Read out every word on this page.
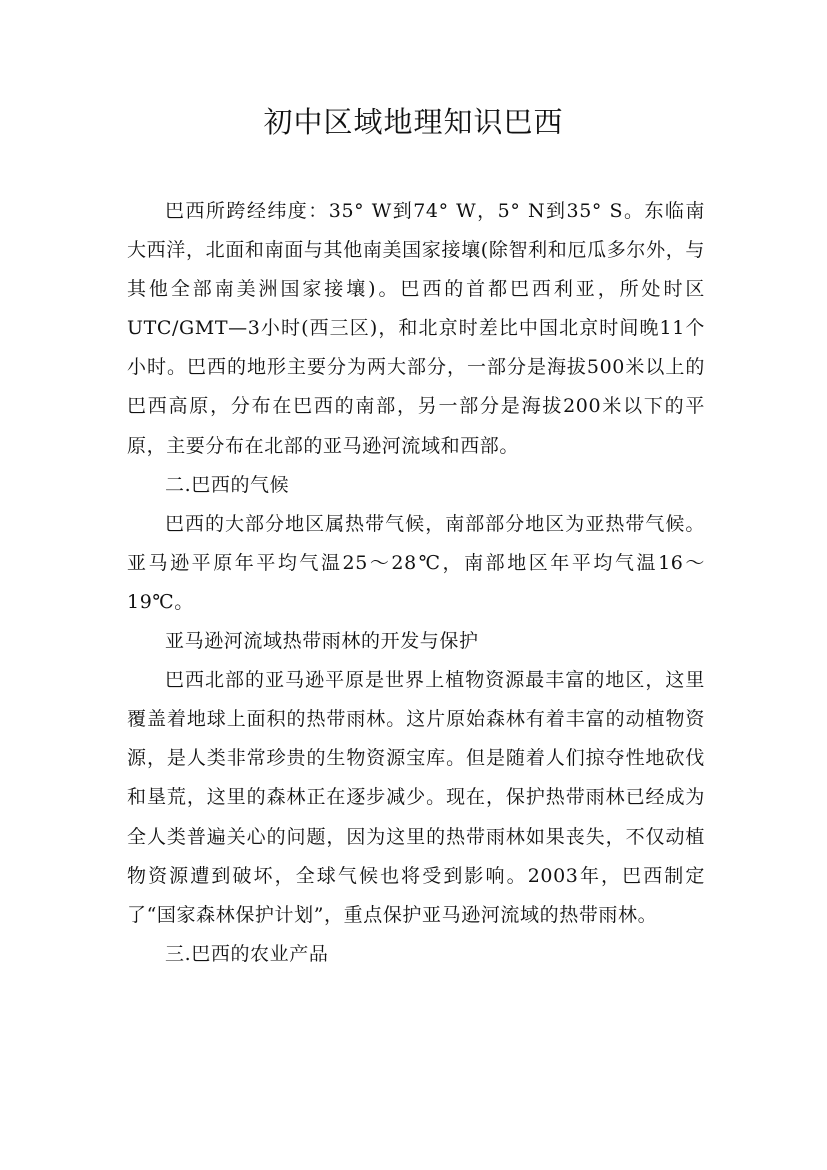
初中区域地理知识巴西

巴西所跨经纬度：35° W到74° W，5° N到35° S。东临南大西洋，北面和南面与其他南美国家接壤(除智利和厄瓜多尔外，与其他全部南美洲国家接壤)。巴西的首都巴西利亚，所处时区UTC/GMT—3小时(西三区)，和北京时差比中国北京时间晚11个小时。巴西的地形主要分为两大部分，一部分是海拔500米以上的巴西高原，分布在巴西的南部，另一部分是海拔200米以下的平原，主要分布在北部的亚马逊河流域和西部。

二.巴西的气候

巴西的大部分地区属热带气候，南部部分地区为亚热带气候。亚马逊平原年平均气温25～28℃，南部地区年平均气温16～19℃。

亚马逊河流域热带雨林的开发与保护

巴西北部的亚马逊平原是世界上植物资源最丰富的地区，这里覆盖着地球上面积的热带雨林。这片原始森林有着丰富的动植物资源，是人类非常珍贵的生物资源宝库。但是随着人们掠夺性地砍伐和垦荒，这里的森林正在逐步减少。现在，保护热带雨林已经成为全人类普遍关心的问题，因为这里的热带雨林如果丧失，不仅动植物资源遭到破坏，全球气候也将受到影响。2003年，巴西制定了“国家森林保护计划”，重点保护亚马逊河流域的热带雨林。

三.巴西的农业产品
